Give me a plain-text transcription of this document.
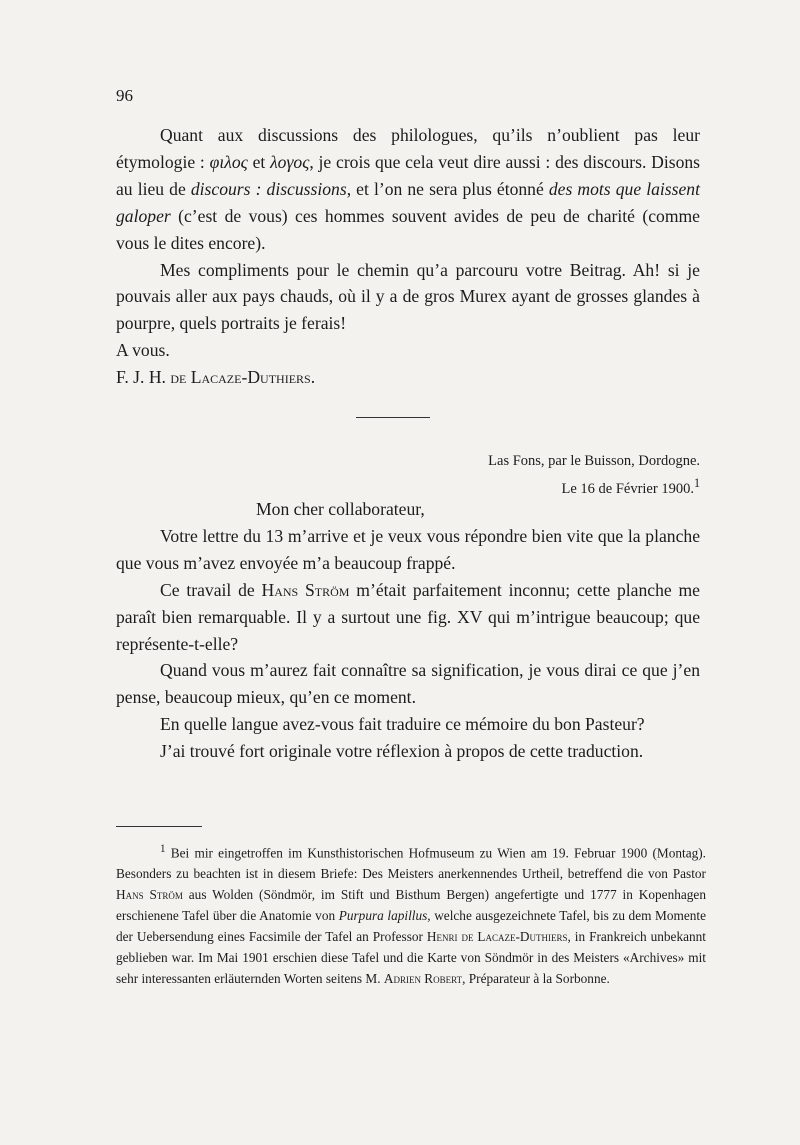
96

Quant aux discussions des philologues, qu’ils n’oublient pas leur étymologie : φιλος et λογος, je crois que cela veut dire aussi : des discours. Disons au lieu de discours : discussions, et l’on ne sera plus étonné des mots que laissent galoper (c’est de vous) ces hommes souvent avides de peu de charité (comme vous le dites encore).

Mes compliments pour le chemin qu’a parcouru votre Beitrag. Ah! si je pouvais aller aux pays chauds, où il y a de gros Murex ayant de grosses glandes à pourpre, quels portraits je ferais!

A vous.

F. J. H. de Lacaze-Duthiers.

Las Fons, par le Buisson, Dordogne.
Le 16 de Février 1900.$^1$

Mon cher collaborateur,

Votre lettre du 13 m’arrive et je veux vous répondre bien vite que la planche que vous m’avez envoyée m’a beaucoup frappé.

Ce travail de Hans Ström m’était parfaitement inconnu; cette planche me paraît bien remarquable. Il y a surtout une fig. XV qui m’intrigue beaucoup; que représente-t-elle?

Quand vous m’aurez fait connaître sa signification, je vous dirai ce que j’en pense, beaucoup mieux, qu’en ce moment.

En quelle langue avez-vous fait traduire ce mémoire du bon Pasteur?

J’ai trouvé fort originale votre réflexion à propos de cette traduction.

$^1$ Bei mir eingetroffen im Kunsthistorischen Hofmuseum zu Wien am 19. Februar 1900 (Montag). Besonders zu beachten ist in diesem Briefe: Des Meisters anerkennendes Urtheil, betreffend die von Pastor Hans Ström aus Wolden (Söndmör, im Stift und Bisthum Bergen) angefertigte und 1777 in Kopenhagen erschienene Tafel über die Anatomie von Purpura lapillus, welche ausgezeichnete Tafel, bis zu dem Momente der Uebersendung eines Facsimile der Tafel an Professor Henri de Lacaze-Duthiers, in Frankreich unbekannt geblieben war. Im Mai 1901 erschien diese Tafel und die Karte von Söndmör in des Meisters «Archives» mit sehr interessanten erläuternden Worten seitens M. Adrien Robert, Préparateur à la Sorbonne.
